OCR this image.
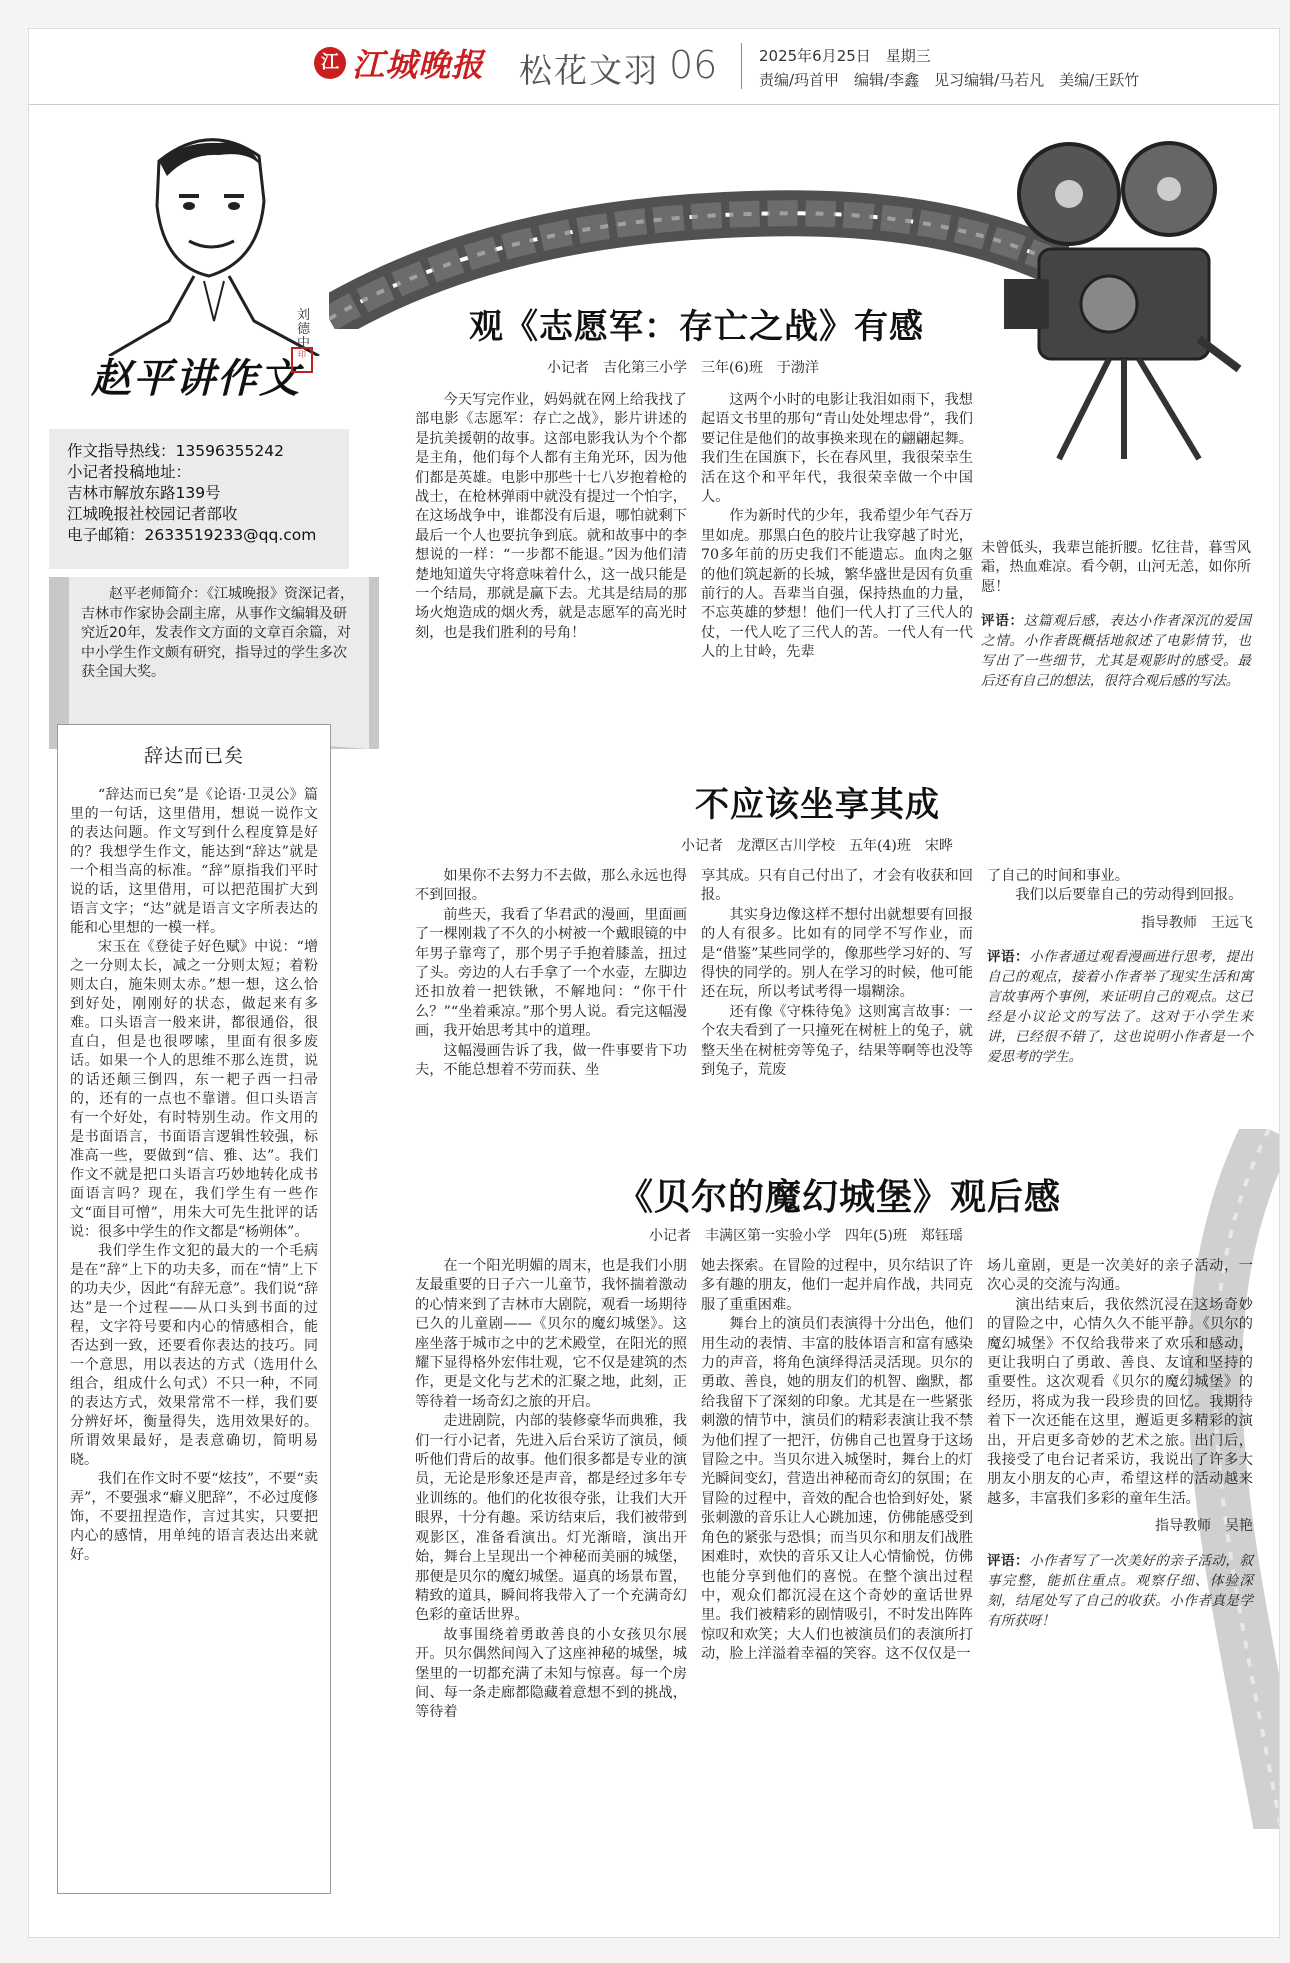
江 江城晚报 松花文羽 06	2025年6月25日　星期三
责编/玛首甲　编辑/李鑫　见习编辑/马若凡　美编/王跃竹
赵平讲作文
刘德中
印
作文指导热线：13596355242
小记者投稿地址：
吉林市解放东路139号
江城晚报社校园记者部收
电子邮箱：2633519233@qq.com
赵平老师简介：《江城晚报》资深记者，吉林市作家协会副主席，从事作文编辑及研究近20年，发表作文方面的文章百余篇，对中小学生作文颇有研究，指导过的学生多次获全国大奖。
辞达而已矣

“辞达而已矣”是《论语·卫灵公》篇里的一句话，这里借用，想说一说作文的表达问题。作文写到什么程度算是好的？我想学生作文，能达到“辞达”就是一个相当高的标准。“辞”原指我们平时说的话，这里借用，可以把范围扩大到语言文字；“达”就是语言文字所表达的能和心里想的一模一样。

宋玉在《登徒子好色赋》中说：“增之一分则太长，减之一分则太短；着粉则太白，施朱则太赤。”想一想，这么恰到好处，刚刚好的状态，做起来有多难。口头语言一般来讲，都很通俗，很直白，但是也很啰嗦，里面有很多废话。如果一个人的思维不那么连贯，说的话还颠三倒四，东一耙子西一扫帚的，还有的一点也不靠谱。但口头语言有一个好处，有时特别生动。作文用的是书面语言，书面语言逻辑性较强，标准高一些，要做到“信、雅、达”。我们作文不就是把口头语言巧妙地转化成书面语言吗？现在，我们学生有一些作文“面目可憎”，用朱大可先生批评的话说：很多中学生的作文都是“杨朔体”。

我们学生作文犯的最大的一个毛病是在“辞”上下的功夫多，而在“情”上下的功夫少，因此“有辞无意”。我们说“辞达”是一个过程——从口头到书面的过程，文字符号要和内心的情感相合，能否达到一致，还要看你表达的技巧。同一个意思，用以表达的方式（选用什么组合，组成什么句式）不只一种，不同的表达方式，效果常常不一样，我们要分辨好坏，衡量得失，选用效果好的。所谓效果最好，是表意确切，简明易晓。

我们在作文时不要“炫技”，不要“卖弄”，不要强求“癖义肥辞”，不必过度修饰，不要扭捏造作，言过其实，只要把内心的感情，用单纯的语言表达出来就好。

观《志愿军：存亡之战》有感
小记者　吉化第三小学　三年(6)班　于渤洋

今天写完作业，妈妈就在网上给我找了部电影《志愿军：存亡之战》，影片讲述的是抗美援朝的故事。这部电影我认为个个都是主角，他们每个人都有主角光环，因为他们都是英雄。电影中那些十七八岁抱着枪的战士，在枪林弹雨中就没有提过一个怕字，在这场战争中，谁都没有后退，哪怕就剩下最后一个人也要抗争到底。就和故事中的李想说的一样：“一步都不能退。”因为他们清楚地知道失守将意味着什么，这一战只能是一个结局，那就是赢下去。尤其是结局的那场火炮造成的烟火秀，就是志愿军的高光时刻，也是我们胜利的号角！

这两个小时的电影让我泪如雨下，我想起语文书里的那句“青山处处埋忠骨”，我们要记住是他们的故事换来现在的翩翩起舞。我们生在国旗下，长在春风里，我很荣幸生活在这个和平年代，我很荣幸做一个中国人。

作为新时代的少年，我希望少年气吞万里如虎。那黑白色的胶片让我穿越了时光，70多年前的历史我们不能遗忘。血肉之躯的他们筑起新的长城，繁华盛世是因有负重前行的人。吾辈当自强，保持热血的力量，不忘英雄的梦想！他们一代人打了三代人的仗，一代人吃了三代人的苦。一代人有一代人的上甘岭，先辈

未曾低头，我辈岂能折腰。忆往昔，暮雪风霜，热血难凉。看今朝，山河无恙，如你所愿！

评语：这篇观后感，表达小作者深沉的爱国之情。小作者既概括地叙述了电影情节，也写出了一些细节，尤其是观影时的感受。最后还有自己的想法，很符合观后感的写法。
不应该坐享其成
小记者　龙潭区古川学校　五年(4)班　宋晔

如果你不去努力不去做，那么永远也得不到回报。

前些天，我看了华君武的漫画，里面画了一棵刚栽了不久的小树被一个戴眼镜的中年男子靠弯了，那个男子手抱着膝盖，扭过了头。旁边的人右手拿了一个水壶，左脚边还扣放着一把铁锹，不解地问：“你干什么？”“坐着乘凉。”那个男人说。看完这幅漫画，我开始思考其中的道理。

这幅漫画告诉了我，做一件事要肯下功夫，不能总想着不劳而获、坐

享其成。只有自己付出了，才会有收获和回报。

其实身边像这样不想付出就想要有回报的人有很多。比如有的同学不写作业，而是“借鉴”某些同学的，像那些学习好的、写得快的同学的。别人在学习的时候，他可能还在玩，所以考试考得一塌糊涂。

还有像《守株待兔》这则寓言故事：一个农夫看到了一只撞死在树桩上的兔子，就整天坐在树桩旁等兔子，结果等啊等也没等到兔子，荒废

了自己的时间和事业。

我们以后要靠自己的劳动得到回报。

指导教师　王远飞
评语：小作者通过观看漫画进行思考，提出自己的观点，接着小作者举了现实生活和寓言故事两个事例，来证明自己的观点。这已经是小议论文的写法了。这对于小学生来讲，已经很不错了，这也说明小作者是一个爱思考的学生。
《贝尔的魔幻城堡》观后感
小记者　丰满区第一实验小学　四年(5)班　郑钰瑶

在一个阳光明媚的周末，也是我们小朋友最重要的日子六一儿童节，我怀揣着激动的心情来到了吉林市大剧院，观看一场期待已久的儿童剧——《贝尔的魔幻城堡》。这座坐落于城市之中的艺术殿堂，在阳光的照耀下显得格外宏伟壮观，它不仅是建筑的杰作，更是文化与艺术的汇聚之地，此刻，正等待着一场奇幻之旅的开启。

走进剧院，内部的装修豪华而典雅，我们一行小记者，先进入后台采访了演员，倾听他们背后的故事。他们很多都是专业的演员，无论是形象还是声音，都是经过多年专业训练的。他们的化妆很夺张，让我们大开眼界，十分有趣。采访结束后，我们被带到观影区，准备看演出。灯光渐暗，演出开始，舞台上呈现出一个神秘而美丽的城堡，那便是贝尔的魔幻城堡。逼真的场景布置，精致的道具，瞬间将我带入了一个充满奇幻色彩的童话世界。

故事围绕着勇敢善良的小女孩贝尔展开。贝尔偶然间闯入了这座神秘的城堡，城堡里的一切都充满了未知与惊喜。每一个房间、每一条走廊都隐藏着意想不到的挑战，等待着

她去探索。在冒险的过程中，贝尔结识了许多有趣的朋友，他们一起并肩作战，共同克服了重重困难。

舞台上的演员们表演得十分出色，他们用生动的表情、丰富的肢体语言和富有感染力的声音，将角色演绎得活灵活现。贝尔的勇敢、善良，她的朋友们的机智、幽默，都给我留下了深刻的印象。尤其是在一些紧张刺激的情节中，演员们的精彩表演让我不禁为他们捏了一把汗，仿佛自己也置身于这场冒险之中。当贝尔进入城堡时，舞台上的灯光瞬间变幻，营造出神秘而奇幻的氛围；在冒险的过程中，音效的配合也恰到好处，紧张刺激的音乐让人心跳加速，仿佛能感受到角色的紧张与恐惧；而当贝尔和朋友们战胜困难时，欢快的音乐又让人心情愉悦，仿佛也能分享到他们的喜悦。在整个演出过程中，观众们都沉浸在这个奇妙的童话世界里。我们被精彩的剧情吸引，不时发出阵阵惊叹和欢笑；大人们也被演员们的表演所打动，脸上洋溢着幸福的笑容。这不仅仅是一

场儿童剧，更是一次美好的亲子活动，一次心灵的交流与沟通。

演出结束后，我依然沉浸在这场奇妙的冒险之中，心情久久不能平静。《贝尔的魔幻城堡》不仅给我带来了欢乐和感动，更让我明白了勇敢、善良、友谊和坚持的重要性。这次观看《贝尔的魔幻城堡》的经历，将成为我一段珍贵的回忆。我期待着下一次还能在这里，邂逅更多精彩的演出，开启更多奇妙的艺术之旅。出门后，我接受了电台记者采访，我说出了许多大朋友小朋友的心声，希望这样的活动越来越多，丰富我们多彩的童年生活。

指导教师　吴艳
评语：小作者写了一次美好的亲子活动，叙事完整，能抓住重点。观察仔细、体验深刻，结尾处写了自己的收获。小作者真是学有所获呀！
